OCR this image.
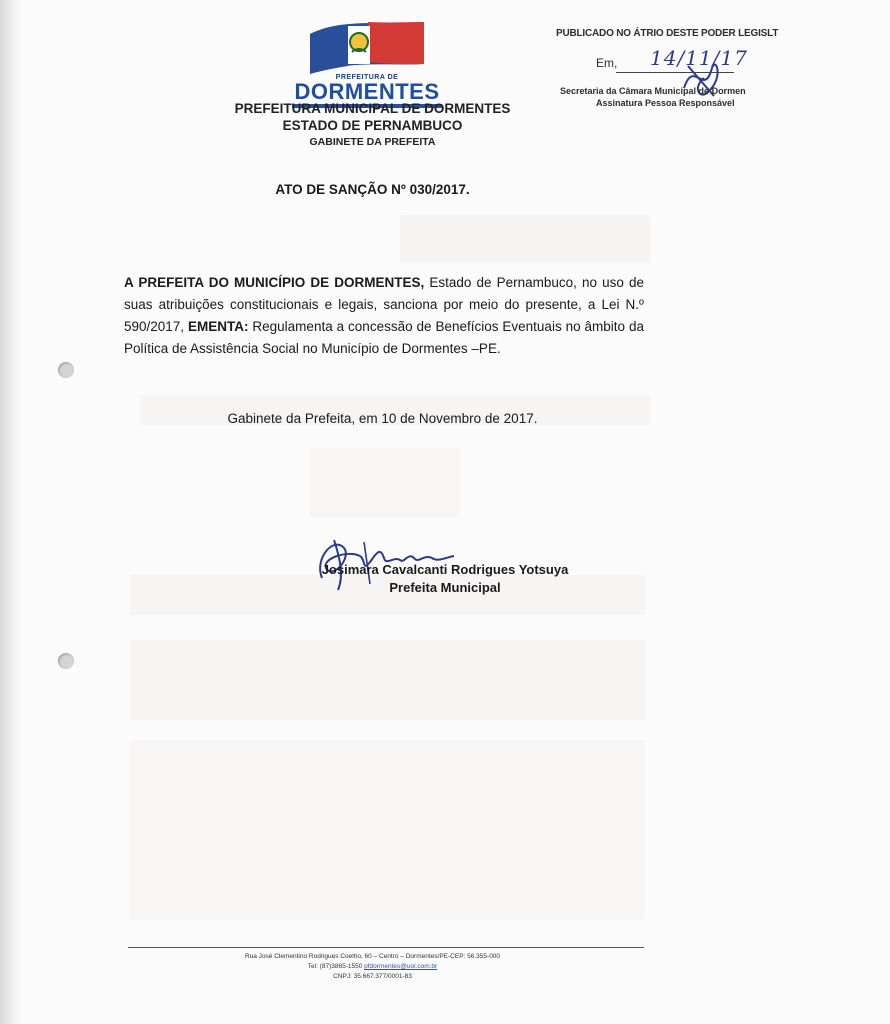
PREFEITURA DE
DORMENTES
PREFEITURA MUNICIPAL DE DORMENTES
ESTADO DE PERNAMBUCO
GABINETE DA PREFEITA
PUBLICADO NO ÁTRIO DESTE PODER LEGISLT
Em, 14/11/17
Secretaria da Câmara Municipal de Dormen
Assinatura Pessoa Responsável
ATO DE SANÇÃO Nº 030/2017.
A PREFEITA DO MUNICÍPIO DE DORMENTES, Estado de Pernambuco, no uso de suas atribuições constitucionais e legais, sanciona por meio do presente, a Lei N.º 590/2017, EMENTA: Regulamenta a concessão de Benefícios Eventuais no âmbito da Política de Assistência Social no Município de Dormentes –PE.
Gabinete da Prefeita, em 10 de Novembro de 2017.
Josimara Cavalcanti Rodrigues Yotsuya
Prefeita Municipal
Rua José Clementino Rodrigues Coelho, 60 – Centro – Dormentes/PE-CEP: 56.355-000
Tel: (87)3865-1550 pfdormentes@uol.com.br
CNPJ: 35.667.377/0001-83
